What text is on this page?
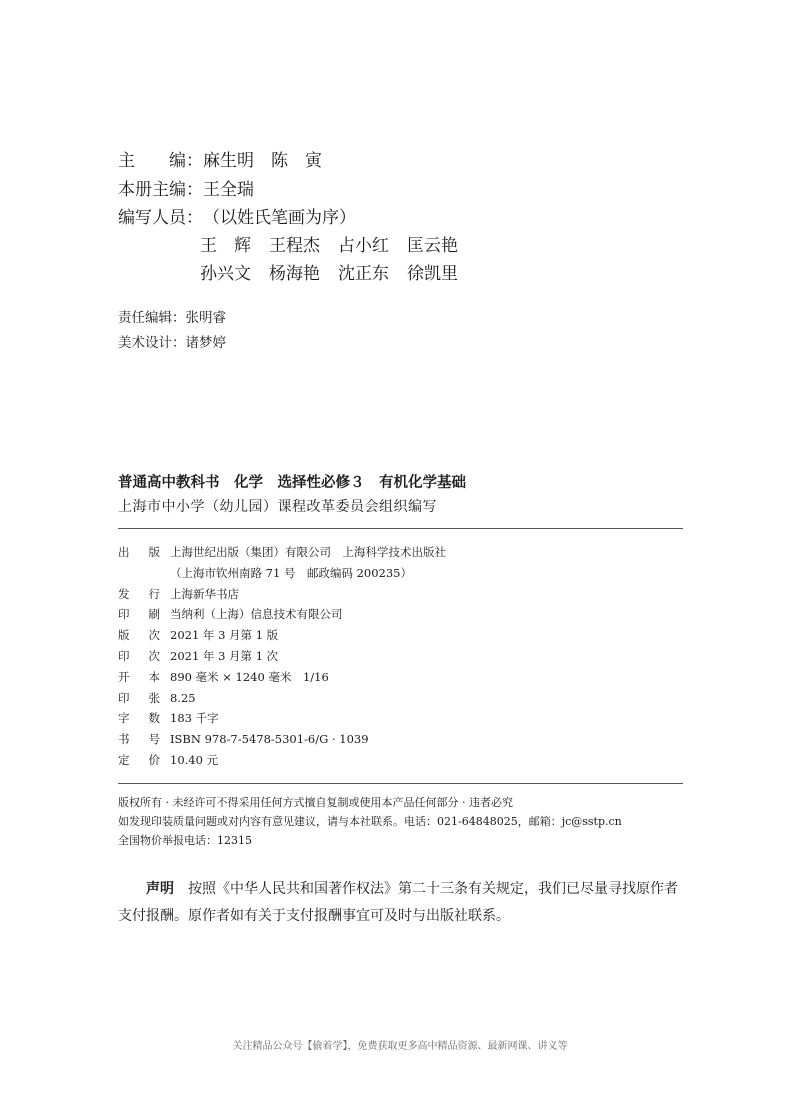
主　　编：麻生明　陈　寅
本册主编：王全瑞
编写人员：（以姓氏笔画为序）
王　辉 王程杰 占小红 匡云艳
孙兴文 杨海艳 沈正东 徐凯里
责任编辑：张明睿
美术设计：诸梦婷
普通高中教科书　化学　选择性必修３　有机化学基础
上海市中小学（幼儿园）课程改革委员会组织编写
出 版 上海世纪出版（集团）有限公司　上海科学技术出版社
（上海市钦州南路 71 号　邮政编码 200235）
发 行 上海新华书店
印 刷 当纳利（上海）信息技术有限公司
版 次 2021 年 3 月第 1 版
印 次 2021 年 3 月第 1 次
开 本 890 毫米 × 1240 毫米　1/16
印 张 8.25
字 数 183 千字
书 号 ISBN 978-7-5478-5301-6/G · 1039
定 价 10.40 元
版权所有 · 未经许可不得采用任何方式擅自复制或使用本产品任何部分 · 违者必究
如发现印装质量问题或对内容有意见建议，请与本社联系。电话：021-64848025，邮箱：jc@sstp.cn
全国物价举报电话：12315
声明 按照《中华人民共和国著作权法》第二十三条有关规定，我们已尽量寻找原作者支付报酬。原作者如有关于支付报酬事宜可及时与出版社联系。
关注精品公众号【偷着学】，免费获取更多高中精品资源、最新网课、讲义等
